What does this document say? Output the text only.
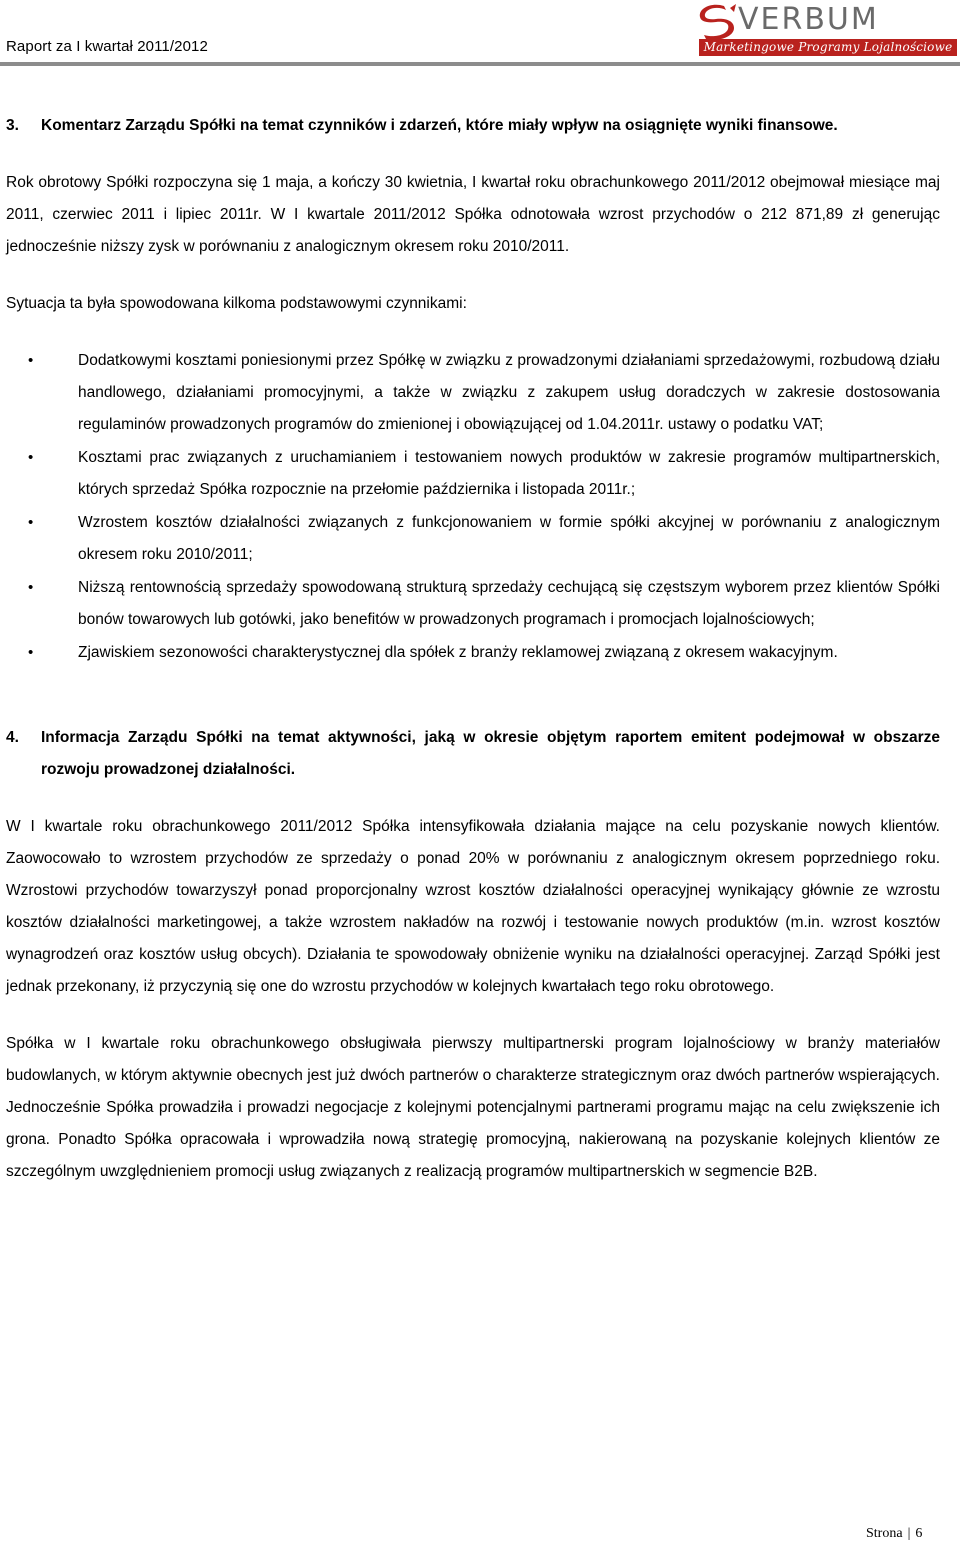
Raport za I kwartał 2011/2012
VERBUM
Marketingowe Programy Lojalnościowe
3.	Komentarz Zarządu Spółki na temat czynników i zdarzeń, które miały wpływ na osiągnięte wyniki finansowe.

Rok obrotowy Spółki rozpoczyna się 1 maja, a kończy 30 kwietnia, I kwartał roku obrachunkowego 2011/2012 obejmował miesiące maj 2011, czerwiec 2011 i lipiec 2011r. W I kwartale 2011/2012 Spółka odnotowała wzrost przychodów o 212 871,89 zł generując jednocześnie niższy zysk w porównaniu z analogicznym okresem roku 2010/2011.

Sytuacja ta była spowodowana kilkoma podstawowymi czynnikami:

• Dodatkowymi kosztami poniesionymi przez Spółkę w związku z prowadzonymi działaniami sprzedażowymi, rozbudową działu handlowego, działaniami promocyjnymi, a także w związku z zakupem usług doradczych w zakresie dostosowania regulaminów prowadzonych programów do zmienionej i obowiązującej od 1.04.2011r. ustawy o podatku VAT;
• Kosztami prac związanych z uruchamianiem i testowaniem nowych produktów w zakresie programów multipartnerskich, których sprzedaż Spółka rozpocznie na przełomie października i listopada 2011r.;
• Wzrostem kosztów działalności związanych z funkcjonowaniem w formie spółki akcyjnej w porównaniu z analogicznym okresem roku 2010/2011;
• Niższą rentownością sprzedaży spowodowaną strukturą sprzedaży cechującą się częstszym wyborem przez klientów Spółki bonów towarowych lub gotówki, jako benefitów w prowadzonych programach i promocjach lojalnościowych;
• Zjawiskiem sezonowości charakterystycznej dla spółek z branży reklamowej związaną z okresem wakacyjnym.
4.	Informacja Zarządu Spółki na temat aktywności, jaką w okresie objętym raportem emitent podejmował w obszarze rozwoju prowadzonej działalności.

W I kwartale roku obrachunkowego 2011/2012 Spółka intensyfikowała działania mające na celu pozyskanie nowych klientów. Zaowocowało to wzrostem przychodów ze sprzedaży o ponad 20% w porównaniu z analogicznym okresem poprzedniego roku. Wzrostowi przychodów towarzyszył ponad proporcjonalny wzrost kosztów działalności operacyjnej wynikający głównie ze wzrostu kosztów działalności marketingowej, a także wzrostem nakładów na rozwój i testowanie nowych produktów (m.in. wzrost kosztów wynagrodzeń oraz kosztów usług obcych). Działania te spowodowały obniżenie wyniku na działalności operacyjnej. Zarząd Spółki jest jednak przekonany, iż przyczynią się one do wzrostu przychodów w kolejnych kwartałach tego roku obrotowego.

Spółka w I kwartale roku obrachunkowego obsługiwała pierwszy multipartnerski program lojalnościowy w branży materiałów budowlanych, w którym aktywnie obecnych jest już dwóch partnerów o charakterze strategicznym oraz dwóch partnerów wspierających. Jednocześnie Spółka prowadziła i prowadzi negocjacje z kolejnymi potencjalnymi partnerami programu mając na celu zwiększenie ich grona. Ponadto Spółka opracowała i wprowadziła nową strategię promocyjną, nakierowaną na pozyskanie kolejnych klientów ze szczególnym uwzględnieniem promocji usług związanych z realizacją programów multipartnerskich w segmencie B2B.

Strona | 6
